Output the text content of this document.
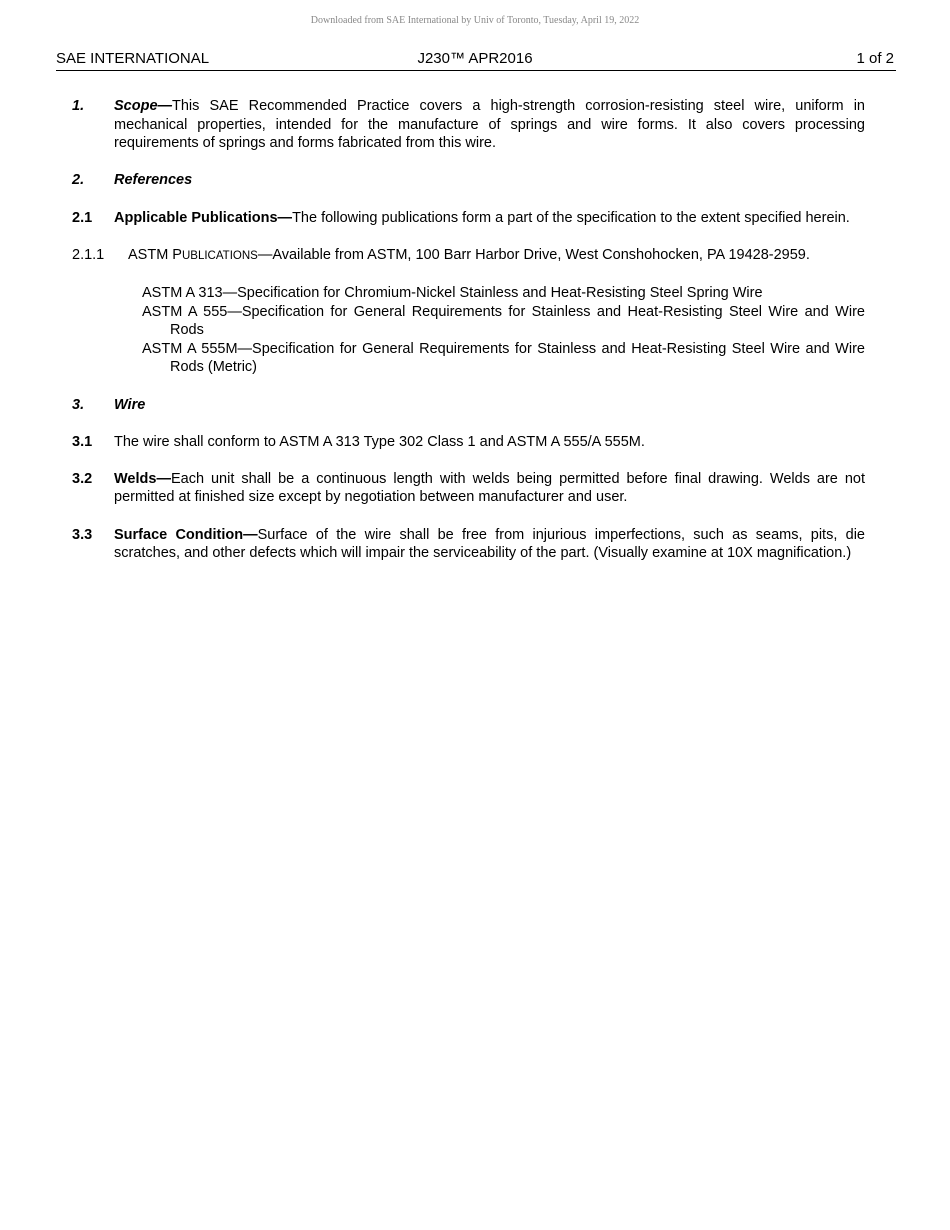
Downloaded from SAE International by Univ of Toronto, Tuesday, April 19, 2022
SAE INTERNATIONAL	J230™ APR2016	1 of 2
1. Scope—This SAE Recommended Practice covers a high-strength corrosion-resisting steel wire, uniform in mechanical properties, intended for the manufacture of springs and wire forms. It also covers processing requirements of springs and forms fabricated from this wire.
2. References
2.1 Applicable Publications—The following publications form a part of the specification to the extent specified herein.
2.1.1 ASTM PUBLICATIONS—Available from ASTM, 100 Barr Harbor Drive, West Conshohocken, PA 19428-2959.
ASTM A 313—Specification for Chromium-Nickel Stainless and Heat-Resisting Steel Spring Wire
ASTM A 555—Specification for General Requirements for Stainless and Heat-Resisting Steel Wire and Wire Rods
ASTM A 555M—Specification for General Requirements for Stainless and Heat-Resisting Steel Wire and Wire Rods (Metric)
3. Wire
3.1 The wire shall conform to ASTM A 313 Type 302 Class 1 and ASTM A 555/A 555M.
3.2 Welds—Each unit shall be a continuous length with welds being permitted before final drawing. Welds are not permitted at finished size except by negotiation between manufacturer and user.
3.3 Surface Condition—Surface of the wire shall be free from injurious imperfections, such as seams, pits, die scratches, and other defects which will impair the serviceability of the part. (Visually examine at 10X magnification.)
